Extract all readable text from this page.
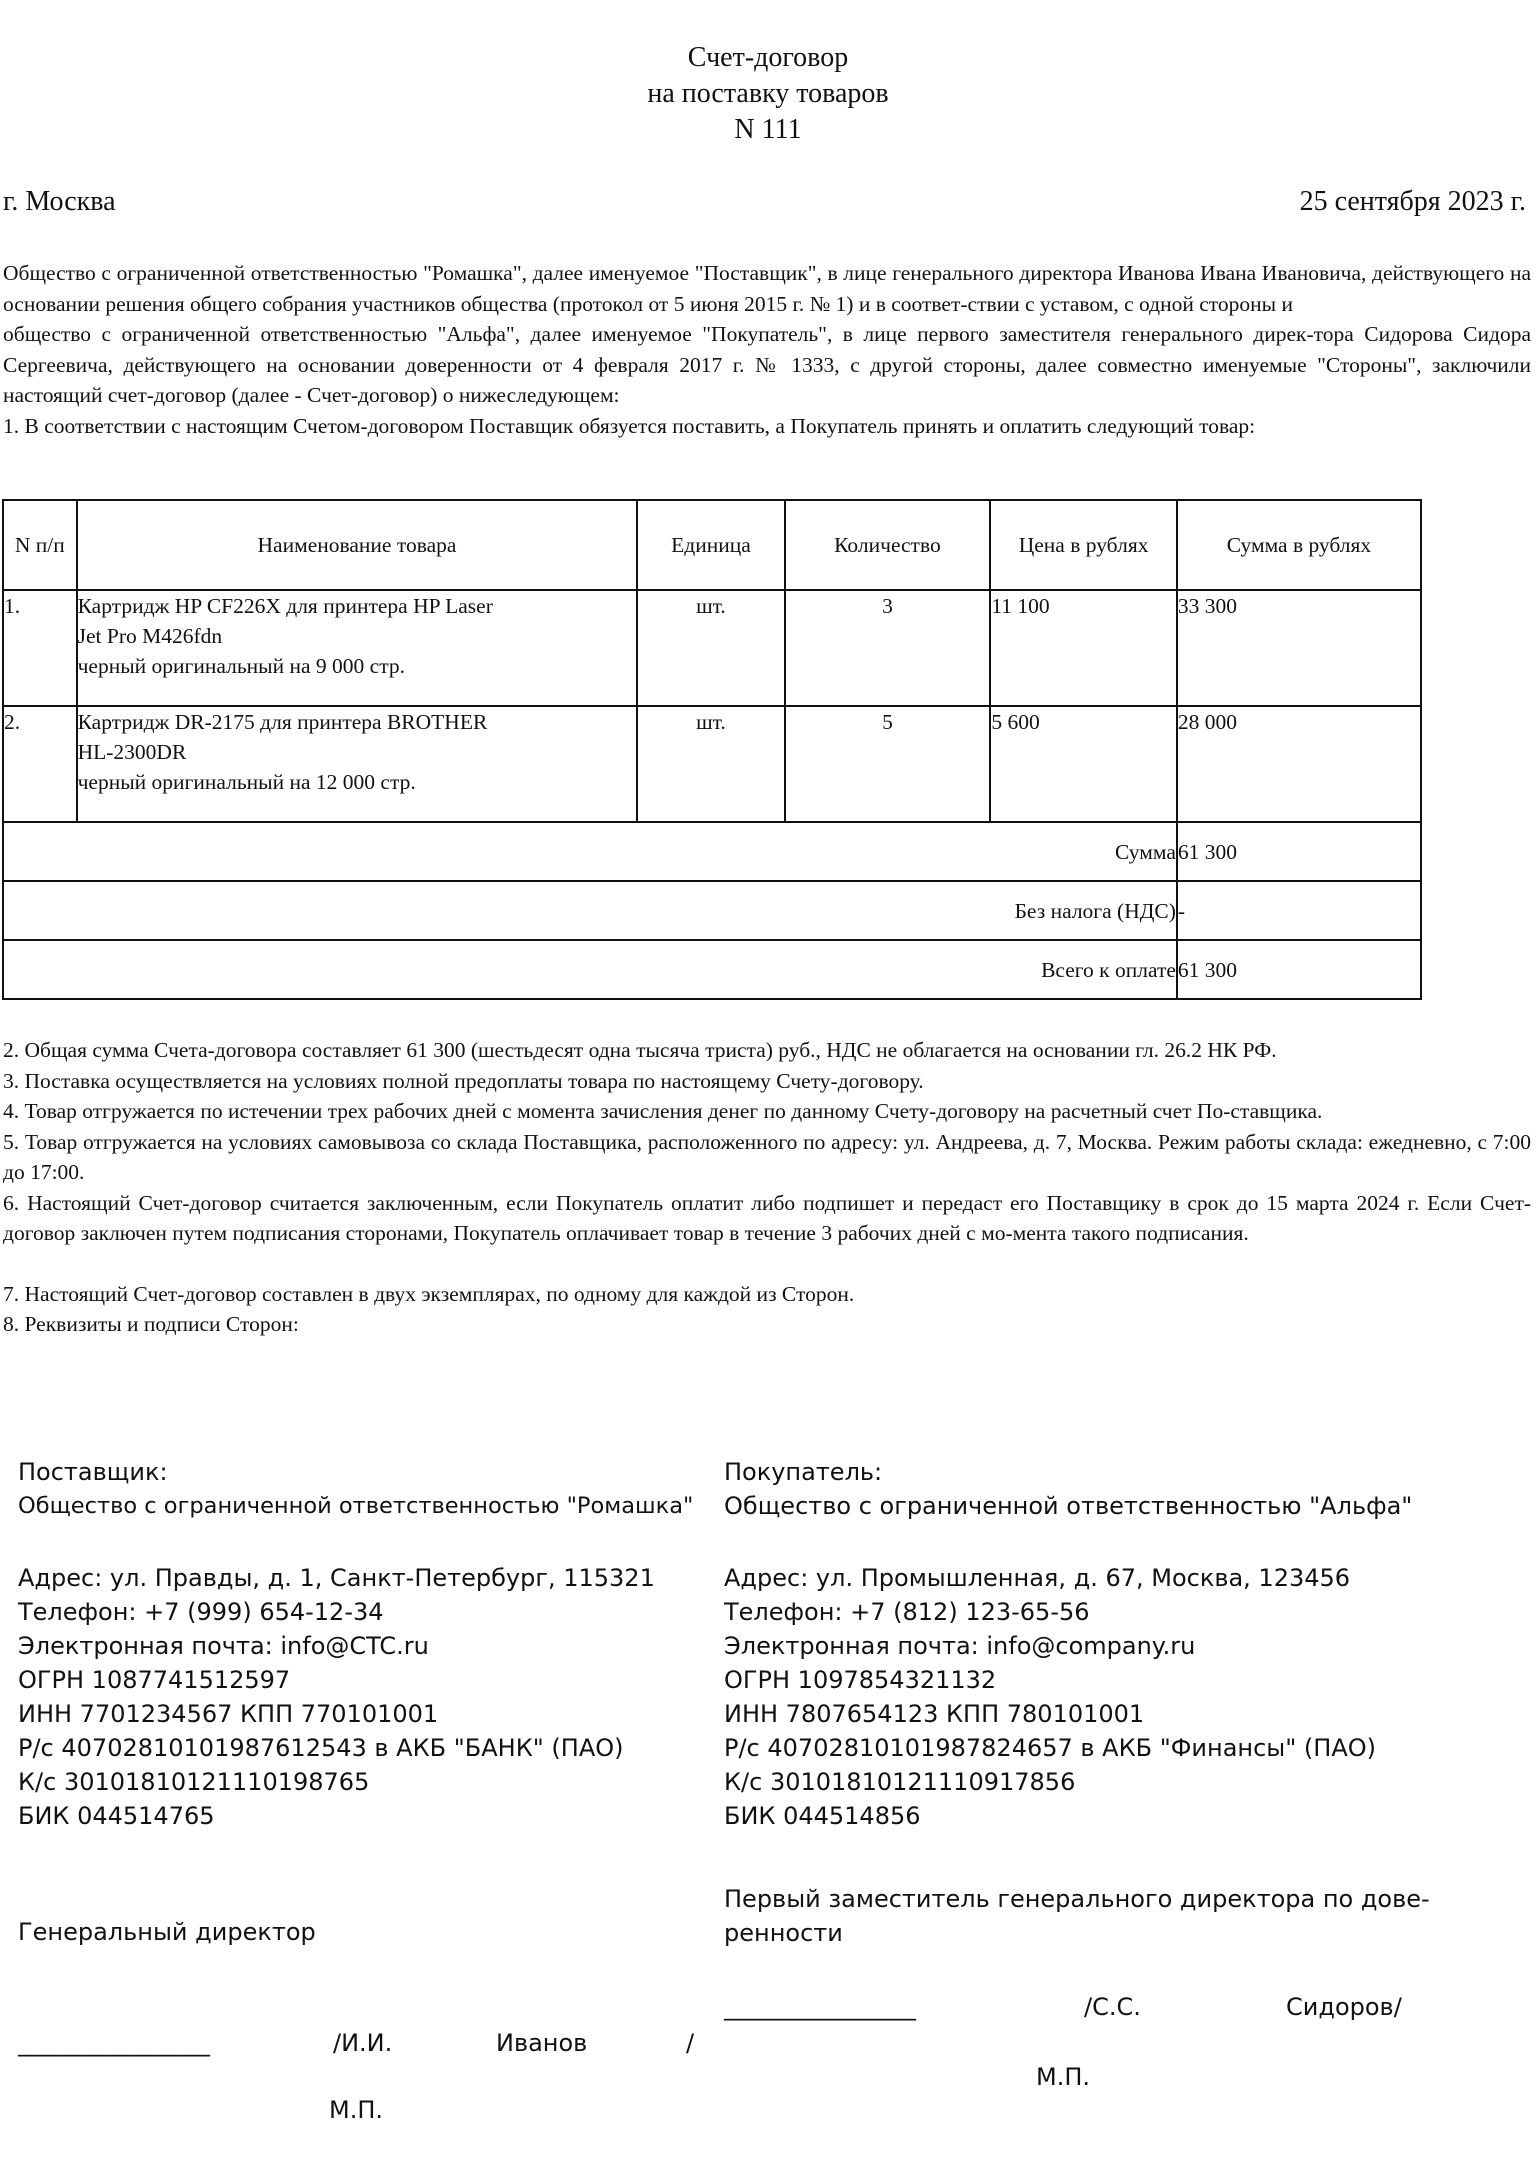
Счет-договор
на поставку товаров
N 111
г. Москва	25 сентября 2023 г.

Общество с ограниченной ответственностью "Ромашка", далее именуемое "Поставщик", в лице генерального директора Иванова Ивана Ивановича, действующего на основании решения общего собрания участников общества (протокол от 5 июня 2015 г. № 1) и в соответ-ствии с уставом, с одной стороны и

общество с ограниченной ответственностью "Альфа", далее именуемое "Покупатель", в лице первого заместителя генерального дирек-тора Сидорова Сидора Сергеевича, действующего на основании доверенности от 4 февраля 2017 г. № 1333, с другой стороны, далее совместно именуемые "Стороны", заключили настоящий счет-договор (далее - Счет-договор) о нижеследующем:

1. В соответствии с настоящим Счетом-договором Поставщик обязуется поставить, а Покупатель принять и оплатить следующий товар:

N п/п	Наименование товара	Единица	Количество	Цена в рублях	Сумма в рублях
1.	Картридж HP CF226X для принтера HP Laser
Jet Pro M426fdn
черный оригинальный на 9 000 стр.	шт.	3	11 100	33 300
2.	Картридж DR-2175 для принтера BROTHER
HL-2300DR
черный оригинальный на 12 000 стр.	шт.	5	5 600	28 000
Сумма					61 300
Без налога (НДС)					-
Всего к оплате					61 300

2. Общая сумма Счета-договора составляет 61 300 (шестьдесят одна тысяча триста) руб., НДС не облагается на основании гл. 26.2 НК РФ.

3. Поставка осуществляется на условиях полной предоплаты товара по настоящему Счету-договору.

4. Товар отгружается по истечении трех рабочих дней с момента зачисления денег по данному Счету-договору на расчетный счет По-ставщика.

5. Товар отгружается на условиях самовывоза со склада Поставщика, расположенного по адресу: ул. Андреева, д. 7, Москва. Режим работы склада: ежедневно, с 7:00 до 17:00.

6. Настоящий Счет-договор считается заключенным, если Покупатель оплатит либо подпишет и передаст его Поставщику в срок до 15 марта 2024 г. Если Счет-договор заключен путем подписания сторонами, Покупатель оплачивает товар в течение 3 рабочих дней с мо-мента такого подписания.

7. Настоящий Счет-договор составлен в двух экземплярах, по одному для каждой из Сторон.

8. Реквизиты и подписи Сторон:

Поставщик:
Общество с ограниченной ответственностью "Ромашка"
Адрес: ул. Правды, д. 1, Санкт-Петербург, 115321
Телефон: +7 (999) 654-12-34
Электронная почта: info@CTC.ru
ОГРН 1087741512597
ИНН 7701234567 КПП 770101001
Р/с 40702810101987612543 в АКБ "БАНК" (ПАО)
К/с 30101810121110198765
БИК 044514765
Генеральный директор
________________	/И.И.	Иванов	/
М.П.
Покупатель:
Общество с ограниченной ответственностью "Альфа"
Адрес: ул. Промышленная, д. 67, Москва, 123456
Телефон: +7 (812) 123-65-56
Электронная почта: info@company.ru
ОГРН 1097854321132
ИНН 7807654123 КПП 780101001
Р/с 40702810101987824657 в АКБ "Финансы" (ПАО)
К/с 30101810121110917856
БИК 044514856
Первый заместитель генерального директора по дове-
ренности
________________	/С.С.	Сидоров/
М.П.
